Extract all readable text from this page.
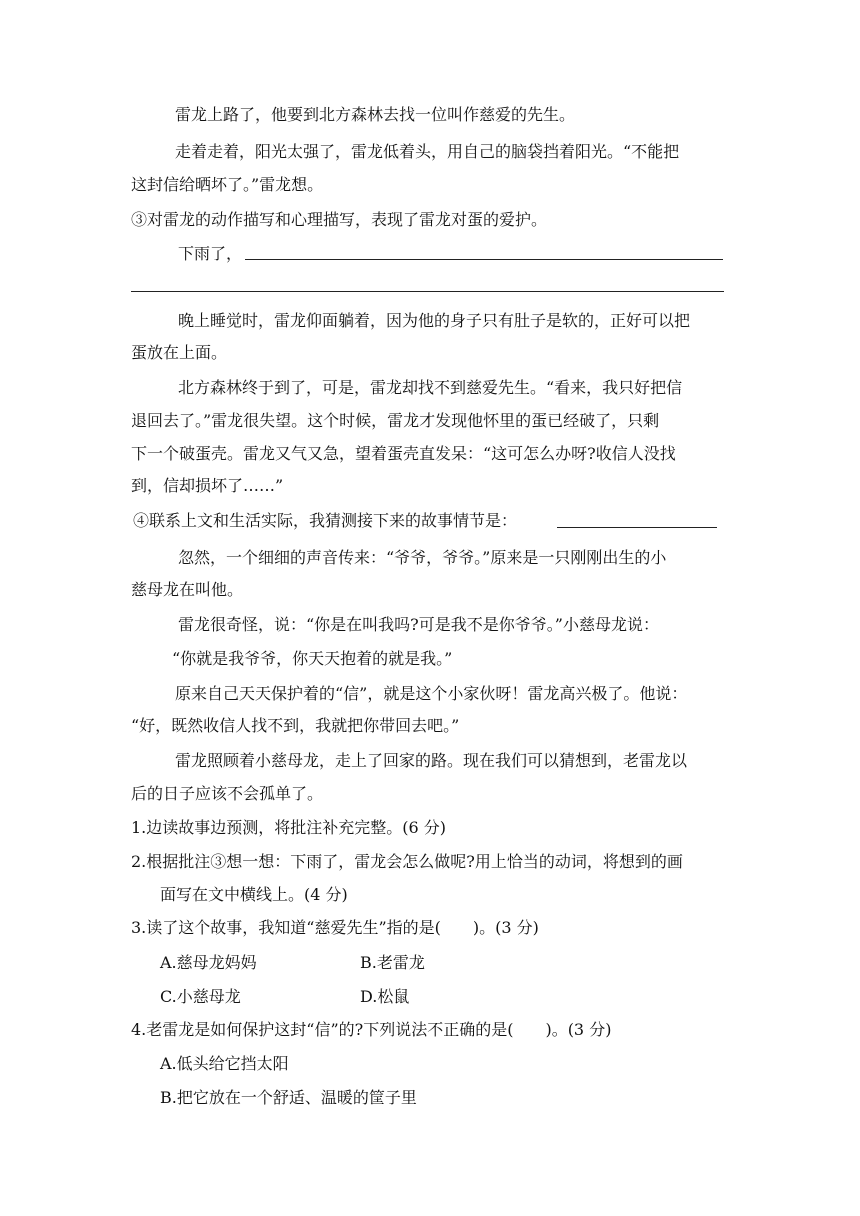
雷龙上路了，他要到北方森林去找一位叫作慈爱的先生。
走着走着，阳光太强了，雷龙低着头，用自己的脑袋挡着阳光。“不能把
这封信给晒坏了。”雷龙想。
③对雷龙的动作描写和心理描写，表现了雷龙对蛋的爱护。
下雨了，
晚上睡觉时，雷龙仰面躺着，因为他的身子只有肚子是软的，正好可以把
蛋放在上面。
北方森林终于到了，可是，雷龙却找不到慈爱先生。“看来，我只好把信
退回去了。”雷龙很失望。这个时候，雷龙才发现他怀里的蛋已经破了，只剩
下一个破蛋壳。雷龙又气又急，望着蛋壳直发呆：“这可怎么办呀?收信人没找
到，信却损坏了……”
④联系上文和生活实际，我猜测接下来的故事情节是：
忽然，一个细细的声音传来：“爷爷，爷爷。”原来是一只刚刚出生的小
慈母龙在叫他。
雷龙很奇怪，说：“你是在叫我吗?可是我不是你爷爷。”小慈母龙说：
“你就是我爷爷，你天天抱着的就是我。”
原来自己天天保护着的“信”，就是这个小家伙呀！雷龙高兴极了。他说：
“好，既然收信人找不到，我就把你带回去吧。”
雷龙照顾着小慈母龙，走上了回家的路。现在我们可以猜想到，老雷龙以
后的日子应该不会孤单了。
1.边读故事边预测，将批注补充完整。(6 分)
2.根据批注③想一想：下雨了，雷龙会怎么做呢?用上恰当的动词，将想到的画
面写在文中横线上。(4 分)
3.读了这个故事，我知道“慈爱先生”指的是(　　)。(3 分)
A.慈母龙妈妈	B.老雷龙
C.小慈母龙	D.松鼠
4.老雷龙是如何保护这封“信”的?下列说法不正确的是(　　)。(3 分)
A.低头给它挡太阳
B.把它放在一个舒适、温暖的筐子里
